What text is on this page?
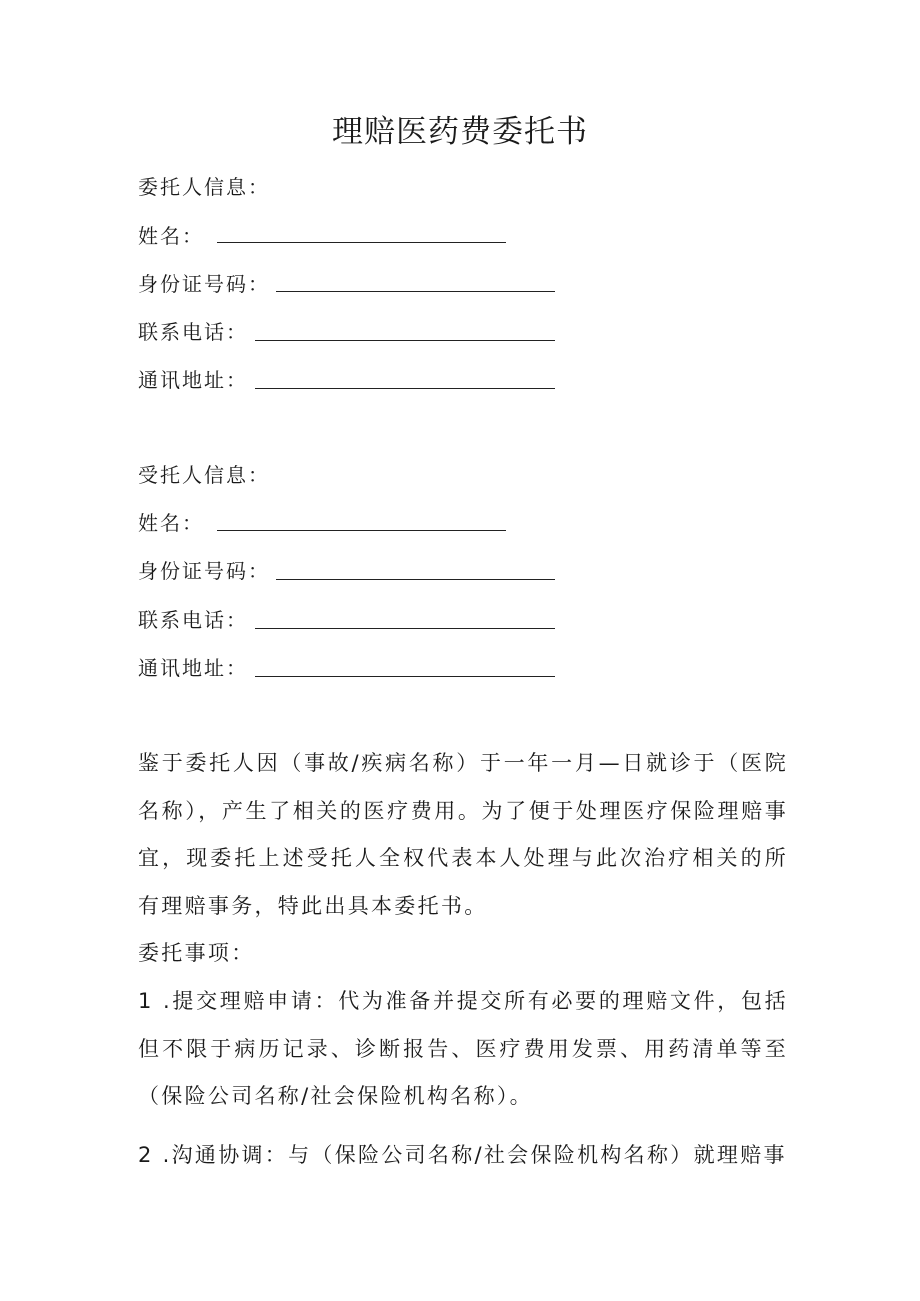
理赔医药费委托书
委托人信息：
姓名：
身份证号码：
联系电话：
通讯地址：
受托人信息：
姓名：
身份证号码：
联系电话：
通讯地址：
鉴于委托人因（事故/疾病名称）于一年一月—日就诊于（医院名称），产生了相关的医疗费用。为了便于处理医疗保险理赔事宜，现委托上述受托人全权代表本人处理与此次治疗相关的所有理赔事务，特此出具本委托书。
委托事项：
1 .提交理赔申请：代为准备并提交所有必要的理赔文件，包括但不限于病历记录、诊断报告、医疗费用发票、用药清单等至（保险公司名称/社会保险机构名称）。
2 .沟通协调：与（保险公司名称/社会保险机构名称）就理赔事
